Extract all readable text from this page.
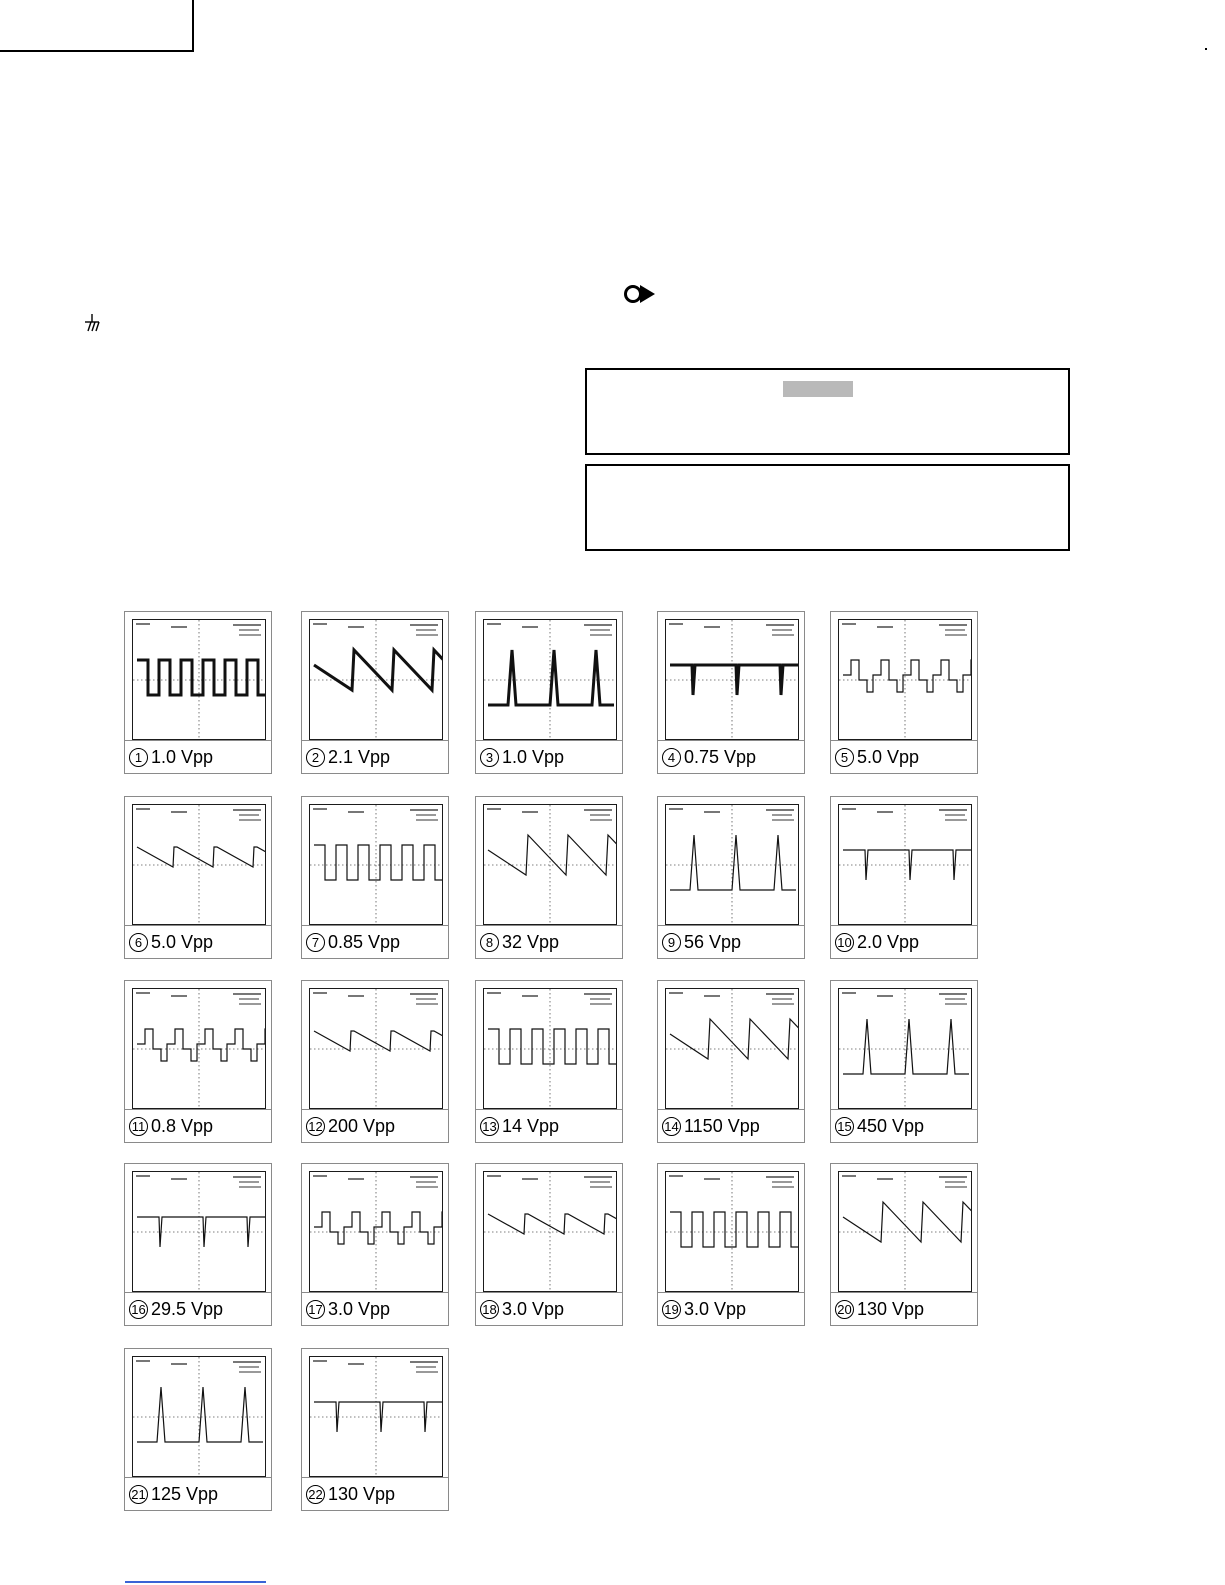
1 1.0 Vpp	2 2.1 Vpp	3 1.0 Vpp	4 0.75 Vpp	5 5.0 Vpp
6 5.0 Vpp	7 0.85 Vpp	8 32 Vpp	9 56 Vpp	10 2.0 Vpp
11 0.8 Vpp	12 200 Vpp	13 14 Vpp	14 1150 Vpp	15 450 Vpp
16 29.5 Vpp	17 3.0 Vpp	18 3.0 Vpp	19 3.0 Vpp	20 130 Vpp
21 125 Vpp	22 130 Vpp
